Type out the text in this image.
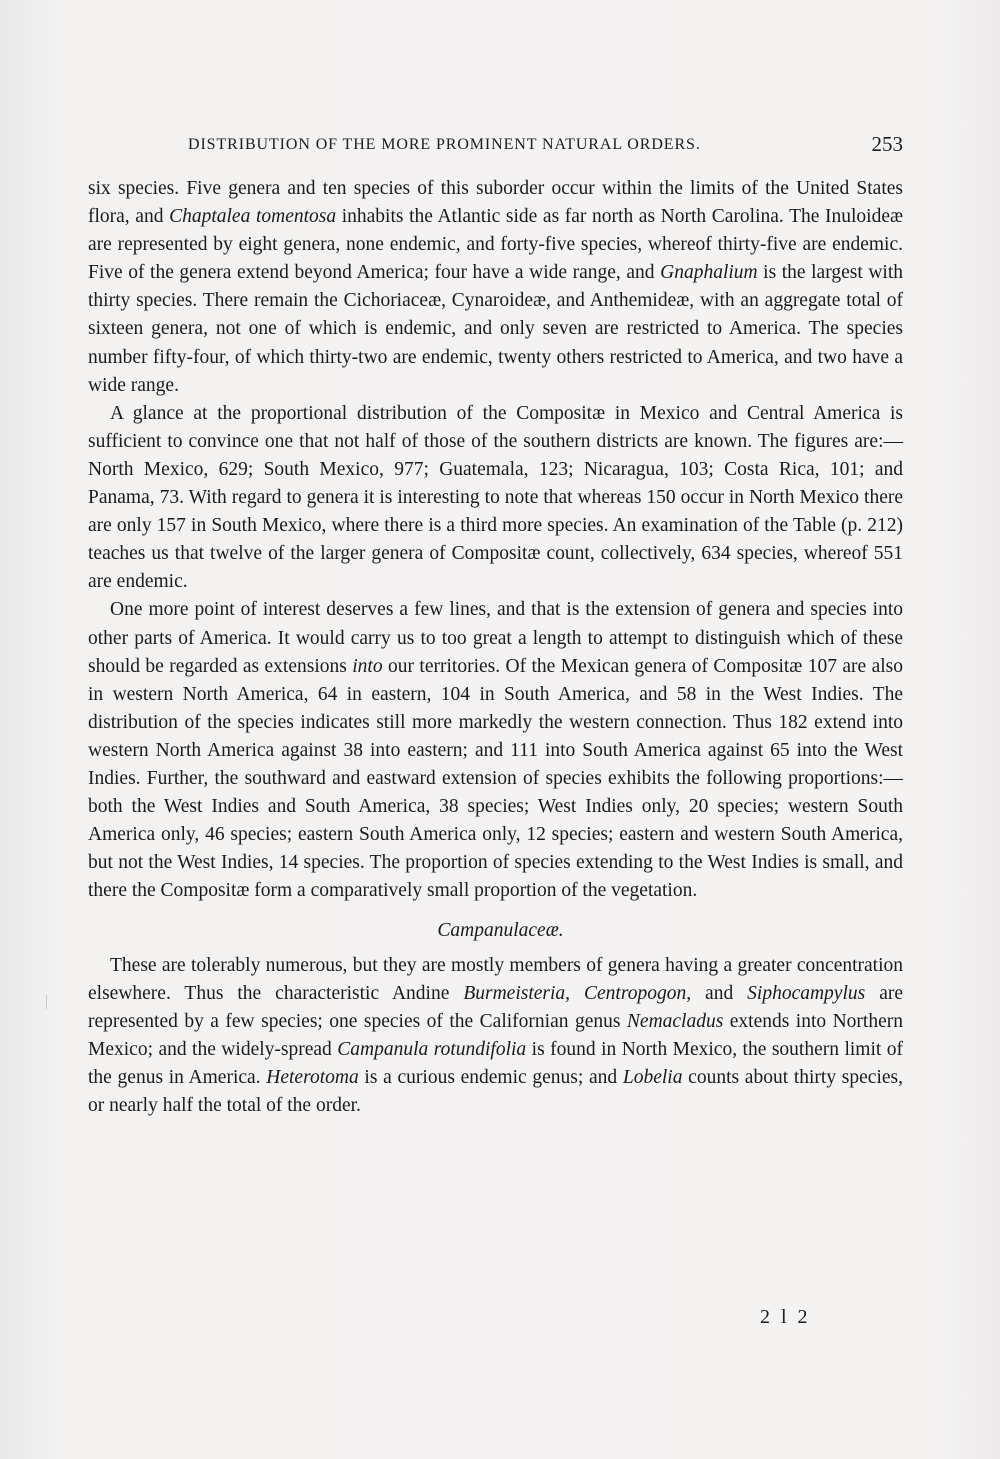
DISTRIBUTION OF THE MORE PROMINENT NATURAL ORDERS.	253

six species. Five genera and ten species of this suborder occur within the limits of the United States flora, and Chaptalea tomentosa inhabits the Atlantic side as far north as North Carolina. The Inuloideæ are represented by eight genera, none endemic, and forty-five species, whereof thirty-five are endemic. Five of the genera extend beyond America; four have a wide range, and Gnaphalium is the largest with thirty species. There remain the Cichoriaceæ, Cynaroideæ, and Anthemideæ, with an aggregate total of sixteen genera, not one of which is endemic, and only seven are restricted to America. The species number fifty-four, of which thirty-two are endemic, twenty others restricted to America, and two have a wide range.

A glance at the proportional distribution of the Compositæ in Mexico and Central America is sufficient to convince one that not half of those of the southern districts are known. The figures are:—North Mexico, 629; South Mexico, 977; Guatemala, 123; Nicaragua, 103; Costa Rica, 101; and Panama, 73. With regard to genera it is interesting to note that whereas 150 occur in North Mexico there are only 157 in South Mexico, where there is a third more species. An examination of the Table (p. 212) teaches us that twelve of the larger genera of Compositæ count, collectively, 634 species, whereof 551 are endemic.

One more point of interest deserves a few lines, and that is the extension of genera and species into other parts of America. It would carry us to too great a length to attempt to distinguish which of these should be regarded as extensions into our territories. Of the Mexican genera of Compositæ 107 are also in western North America, 64 in eastern, 104 in South America, and 58 in the West Indies. The distribution of the species indicates still more markedly the western connection. Thus 182 extend into western North America against 38 into eastern; and 111 into South America against 65 into the West Indies. Further, the southward and eastward extension of species exhibits the following proportions:—both the West Indies and South America, 38 species; West Indies only, 20 species; western South America only, 46 species; eastern South America only, 12 species; eastern and western South America, but not the West Indies, 14 species. The proportion of species extending to the West Indies is small, and there the Compositæ form a comparatively small proportion of the vegetation.

Campanulaceæ.

These are tolerably numerous, but they are mostly members of genera having a greater concentration elsewhere. Thus the characteristic Andine Burmeisteria, Centropogon, and Siphocampylus are represented by a few species; one species of the Californian genus Nemacladus extends into Northern Mexico; and the widely-spread Campanula rotundifolia is found in North Mexico, the southern limit of the genus in America. Heterotoma is a curious endemic genus; and Lobelia counts about thirty species, or nearly half the total of the order.

2 l 2
